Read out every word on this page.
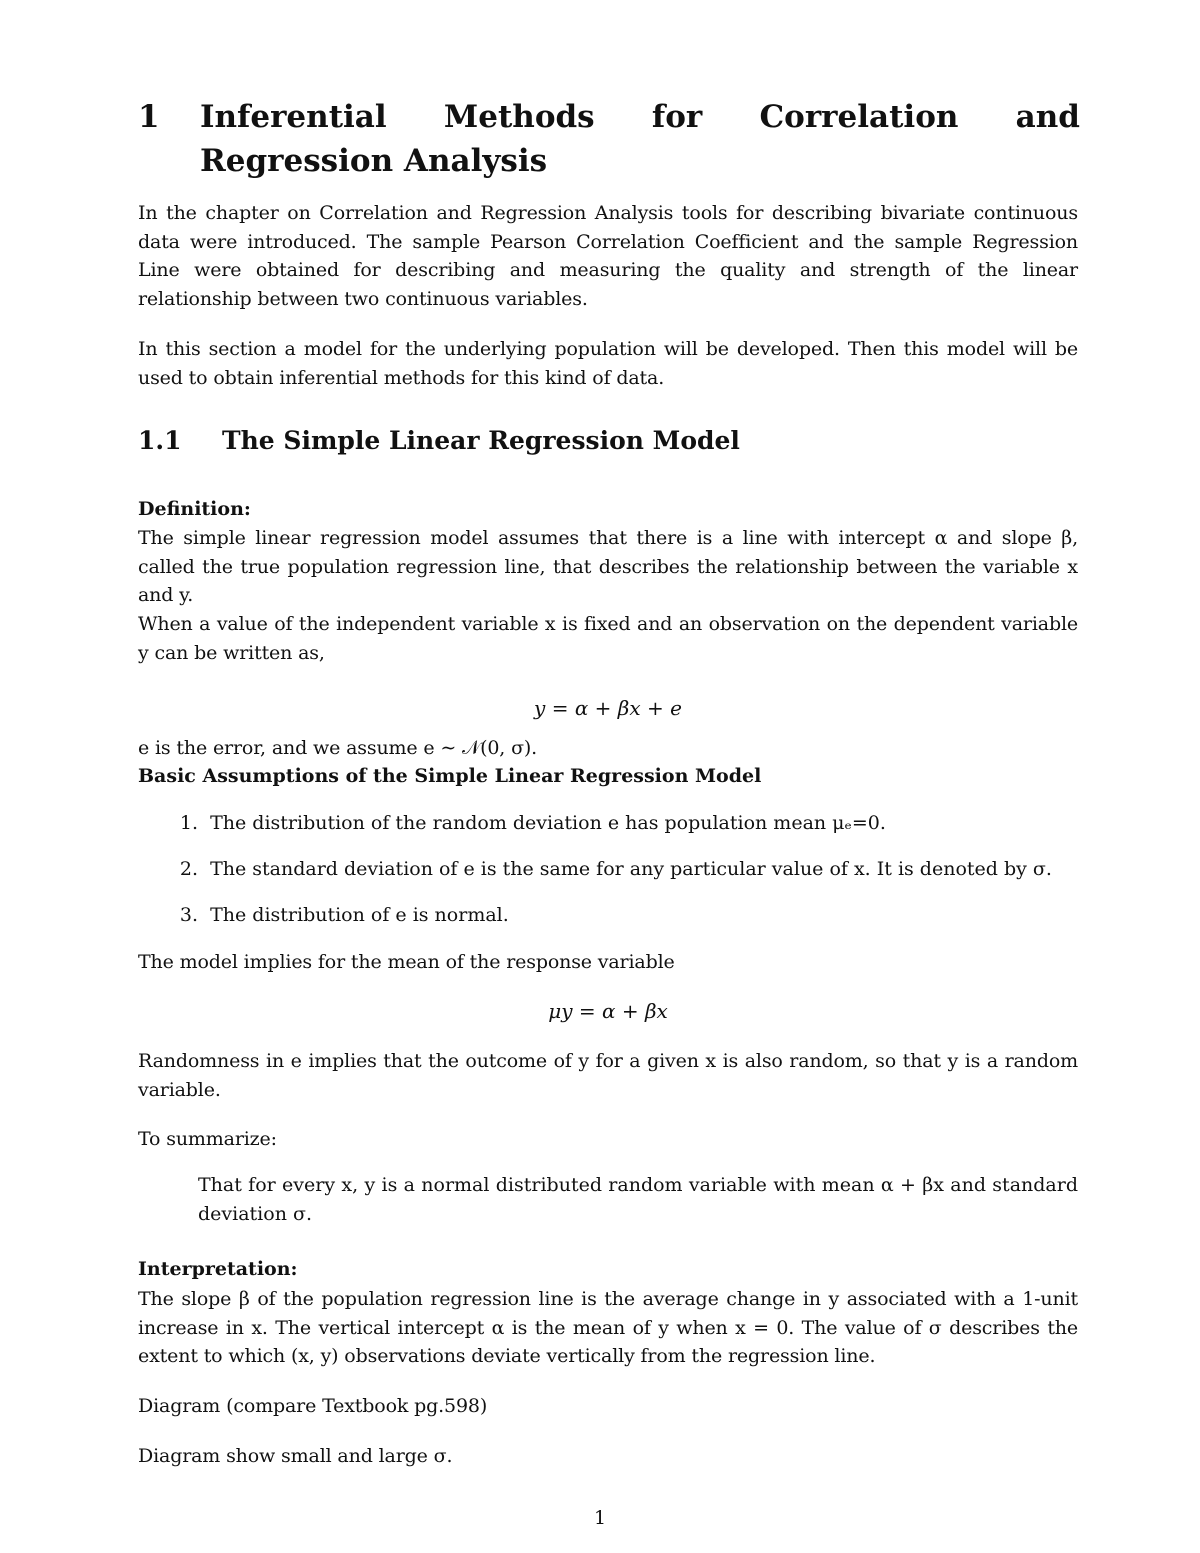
1 Inferential Methods for Correlation and Regression Analysis
In the chapter on Correlation and Regression Analysis tools for describing bivariate continuous data were introduced. The sample Pearson Correlation Coefficient and the sample Regression Line were obtained for describing and measuring the quality and strength of the linear relationship between two continuous variables.
In this section a model for the underlying population will be developed. Then this model will be used to obtain inferential methods for this kind of data.
1.1 The Simple Linear Regression Model
Definition:
The simple linear regression model assumes that there is a line with intercept α and slope β, called the true population regression line, that describes the relationship between the variable x and y.
When a value of the independent variable x is fixed and an observation on the dependent variable y can be written as,
y = α + βx + e
e is the error, and we assume e ∼ 𝒩(0, σ).
Basic Assumptions of the Simple Linear Regression Model
1. The distribution of the random deviation e has population mean μₑ=0.
2. The standard deviation of e is the same for any particular value of x. It is denoted by σ.
3. The distribution of e is normal.
The model implies for the mean of the response variable
μy = α + βx
Randomness in e implies that the outcome of y for a given x is also random, so that y is a random variable.
To summarize:
That for every x, y is a normal distributed random variable with mean α + βx and standard deviation σ.
Interpretation:
The slope β of the population regression line is the average change in y associated with a 1-unit increase in x. The vertical intercept α is the mean of y when x = 0. The value of σ describes the extent to which (x, y) observations deviate vertically from the regression line.
Diagram (compare Textbook pg.598)
Diagram show small and large σ.
1
